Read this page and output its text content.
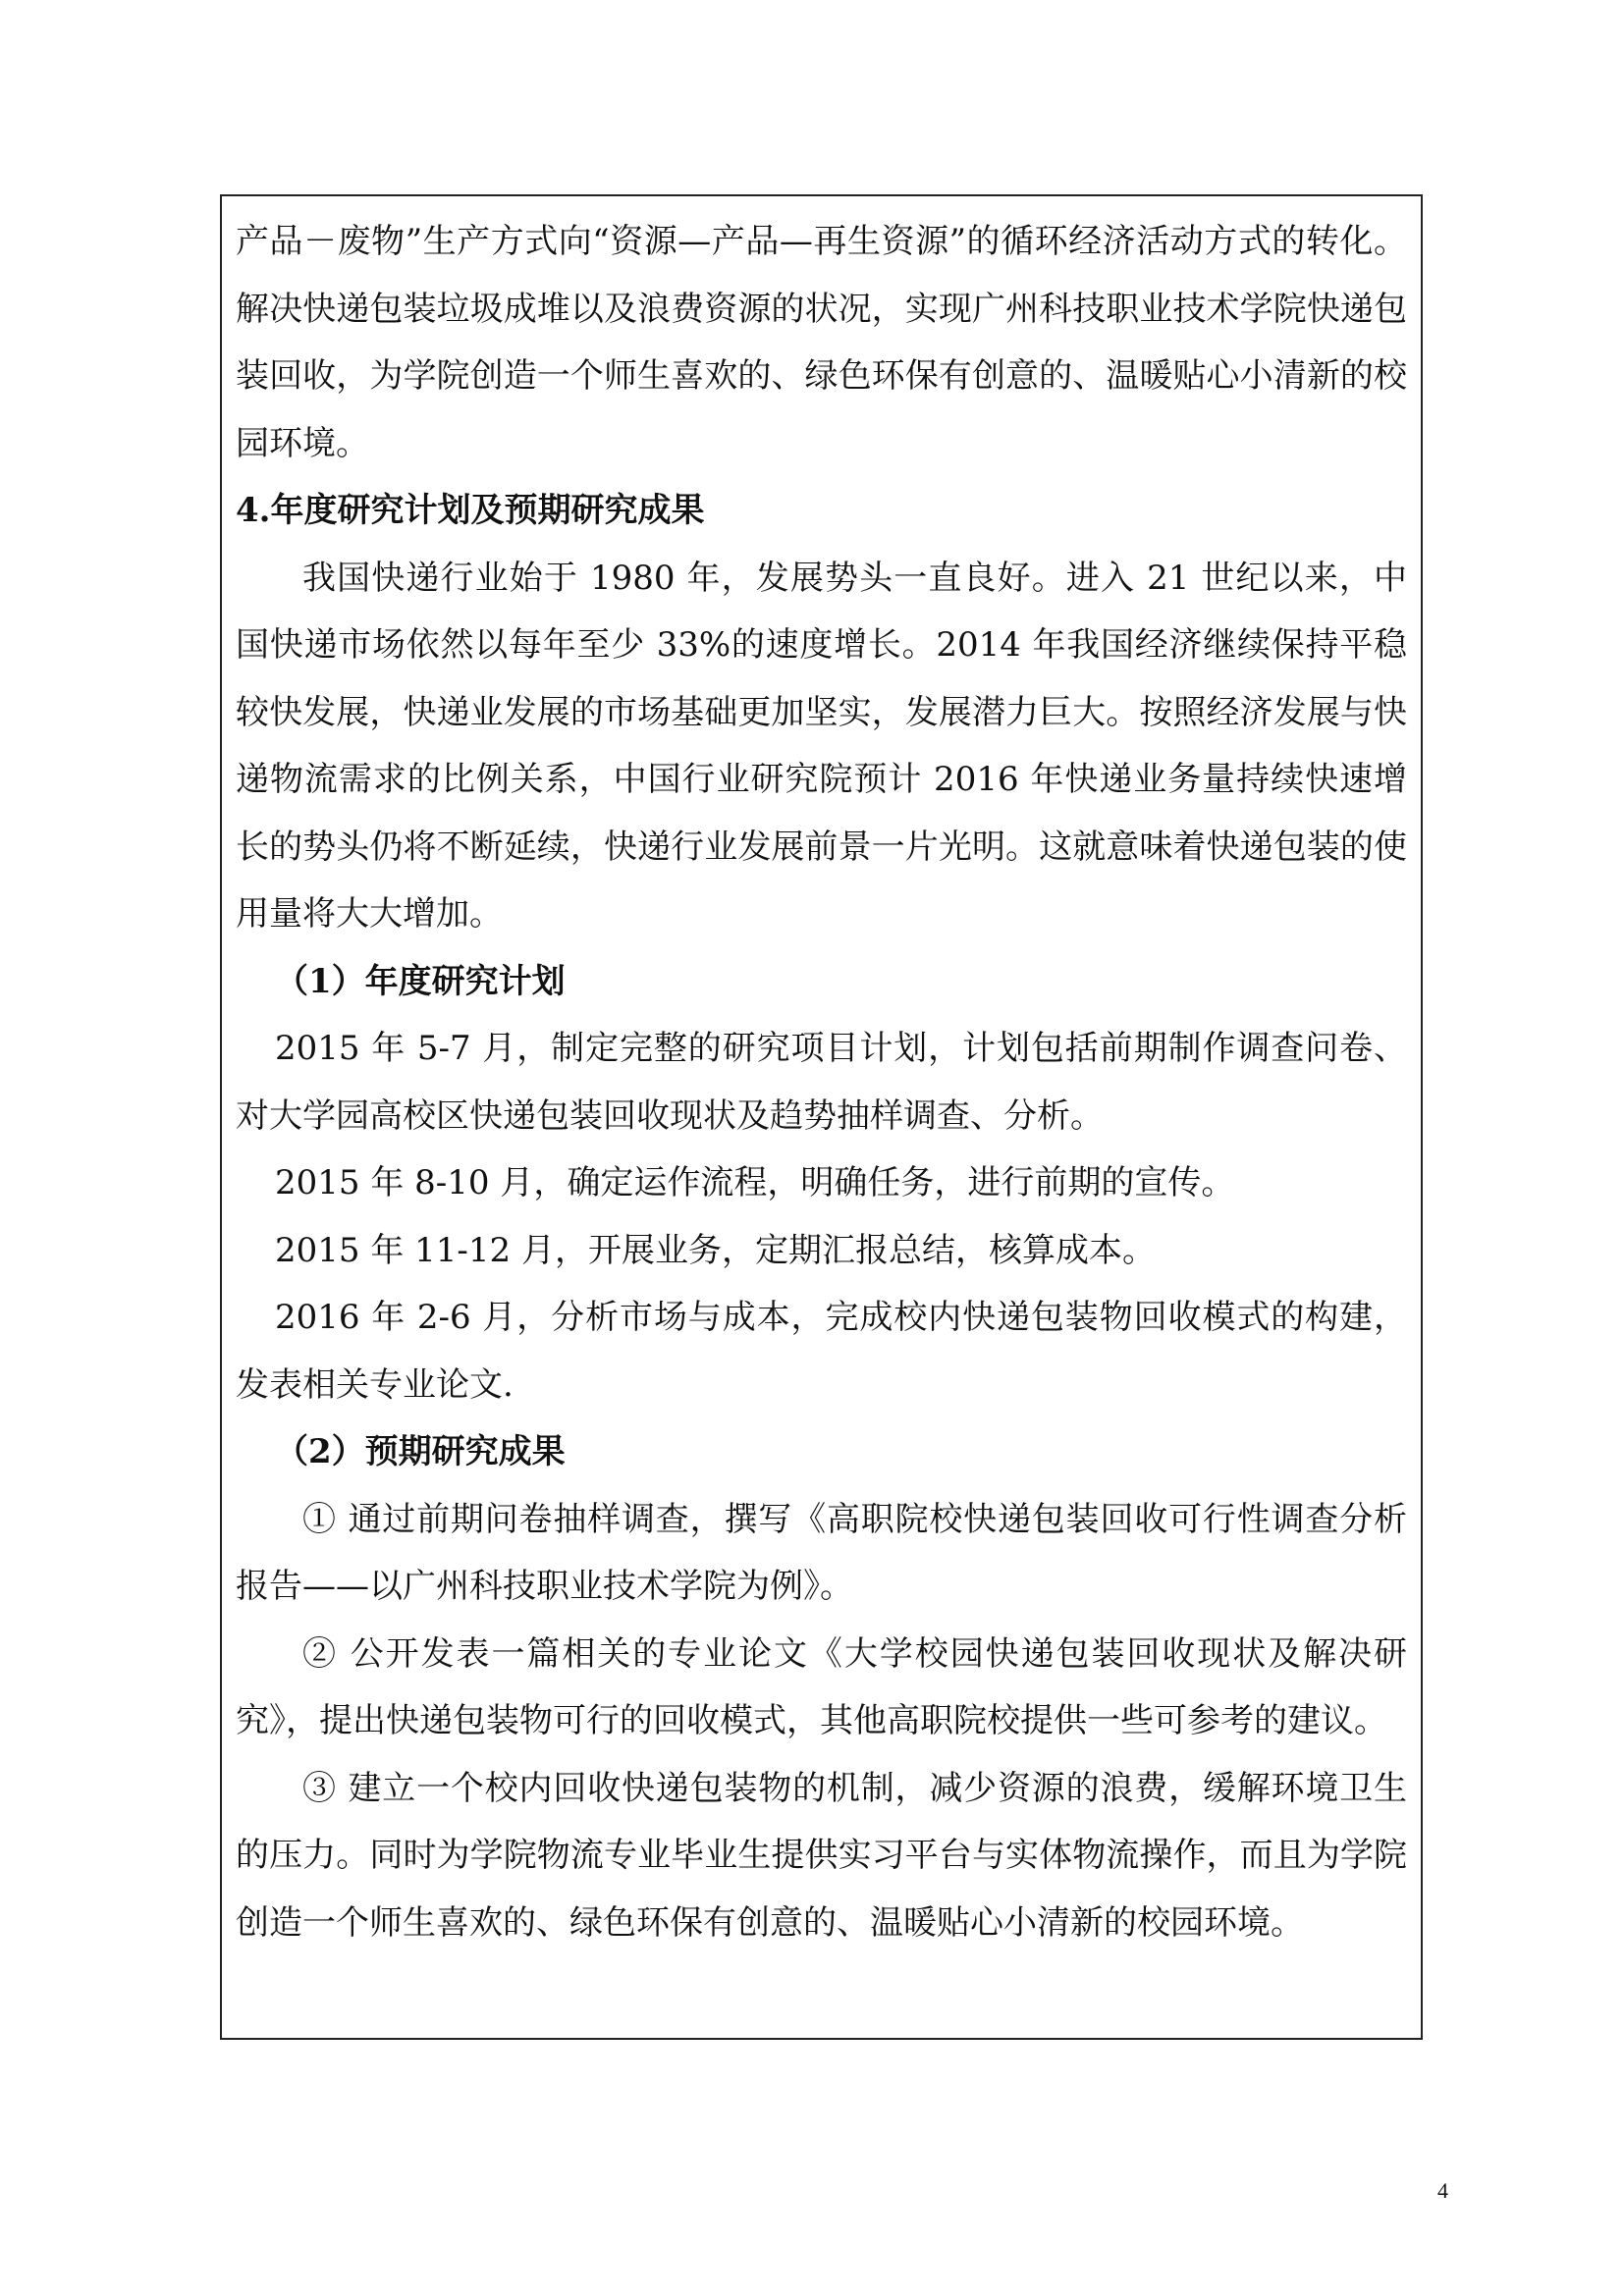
产品－废物”生产方式向“资源—产品—再生资源”的循环经济活动方式的转化。解决快递包装垃圾成堆以及浪费资源的状况，实现广州科技职业技术学院快递包装回收，为学院创造一个师生喜欢的、绿色环保有创意的、温暖贴心小清新的校园环境。

4.年度研究计划及预期研究成果

我国快递行业始于 1980 年，发展势头一直良好。进入 21 世纪以来，中国快递市场依然以每年至少 33%的速度增长。2014 年我国经济继续保持平稳较快发展，快递业发展的市场基础更加坚实，发展潜力巨大。按照经济发展与快递物流需求的比例关系，中国行业研究院预计 2016 年快递业务量持续快速增长的势头仍将不断延续，快递行业发展前景一片光明。这就意味着快递包装的使用量将大大增加。

（1）年度研究计划

2015 年 5-7 月，制定完整的研究项目计划，计划包括前期制作调查问卷、对大学园高校区快递包装回收现状及趋势抽样调查、分析。

2015 年 8-10 月，确定运作流程，明确任务，进行前期的宣传。

2015 年 11-12 月，开展业务，定期汇报总结，核算成本。

2016 年 2-6 月，分析市场与成本，完成校内快递包装物回收模式的构建，发表相关专业论文.

（2）预期研究成果

① 通过前期问卷抽样调查，撰写《高职院校快递包装回收可行性调查分析报告——以广州科技职业技术学院为例》。

② 公开发表一篇相关的专业论文《大学校园快递包装回收现状及解决研究》，提出快递包装物可行的回收模式，其他高职院校提供一些可参考的建议。

③ 建立一个校内回收快递包装物的机制，减少资源的浪费，缓解环境卫生的压力。同时为学院物流专业毕业生提供实习平台与实体物流操作，而且为学院创造一个师生喜欢的、绿色环保有创意的、温暖贴心小清新的校园环境。

4
